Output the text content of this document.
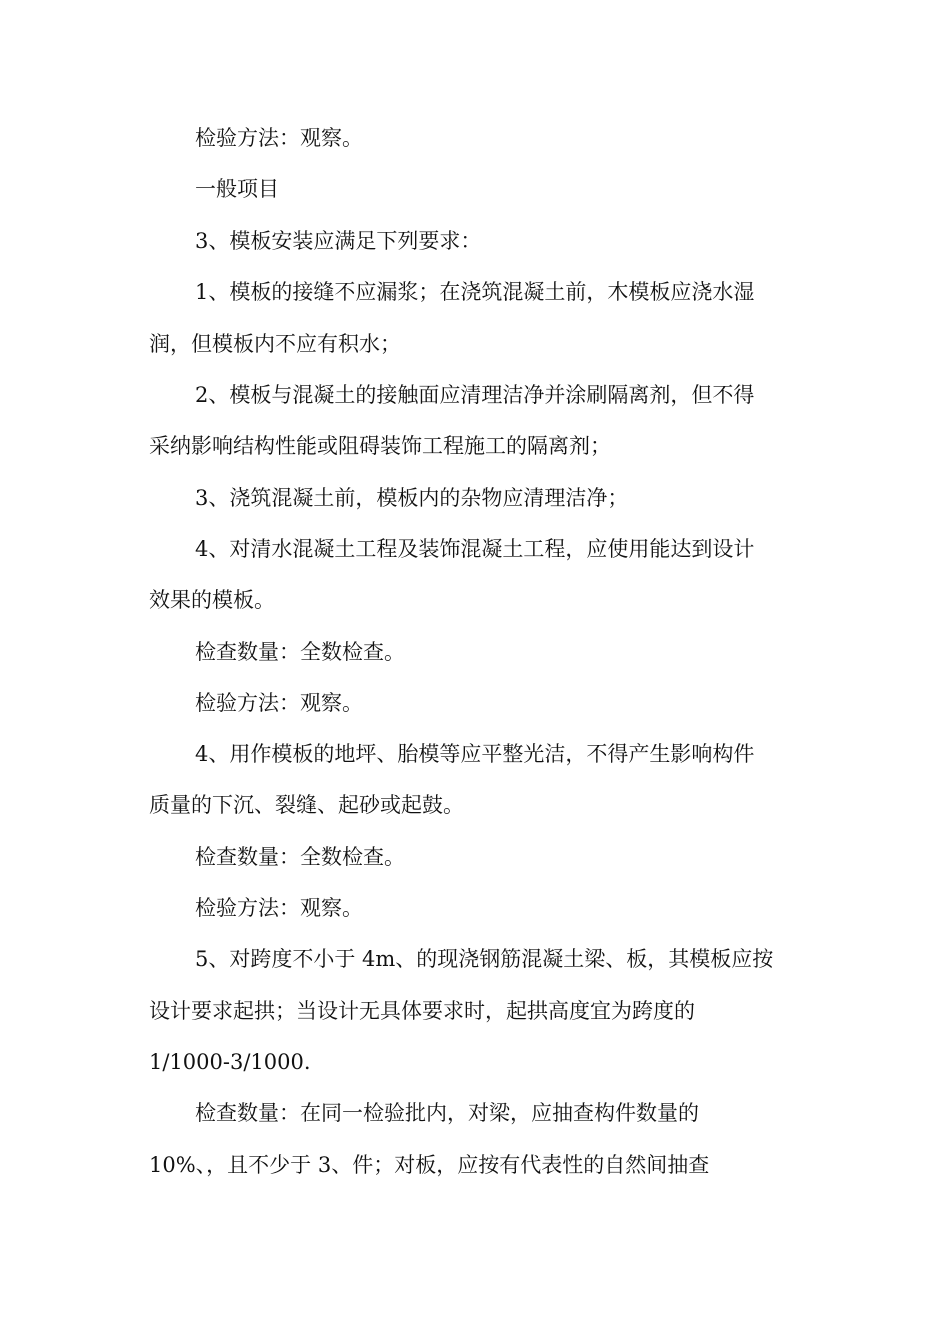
检验方法：观察。
一般项目
3、模板安装应满足下列要求：
1、模板的接缝不应漏浆；在浇筑混凝土前，木模板应浇水湿
润，但模板内不应有积水；
2、模板与混凝土的接触面应清理洁净并涂刷隔离剂，但不得
采纳影响结构性能或阻碍装饰工程施工的隔离剂；
3、浇筑混凝土前，模板内的杂物应清理洁净；
4、对清水混凝土工程及装饰混凝土工程，应使用能达到设计
效果的模板。
检查数量：全数检查。
检验方法：观察。
4、用作模板的地坪、胎模等应平整光洁，不得产生影响构件
质量的下沉、裂缝、起砂或起鼓。
检查数量：全数检查。
检验方法：观察。
5、对跨度不小于 4m、的现浇钢筋混凝土梁、板，其模板应按
设计要求起拱；当设计无具体要求时，起拱高度宜为跨度的
1/1000-3/1000.
检查数量：在同一检验批内，对梁，应抽查构件数量的
10%、，且不少于 3、件；对板，应按有代表性的自然间抽查
